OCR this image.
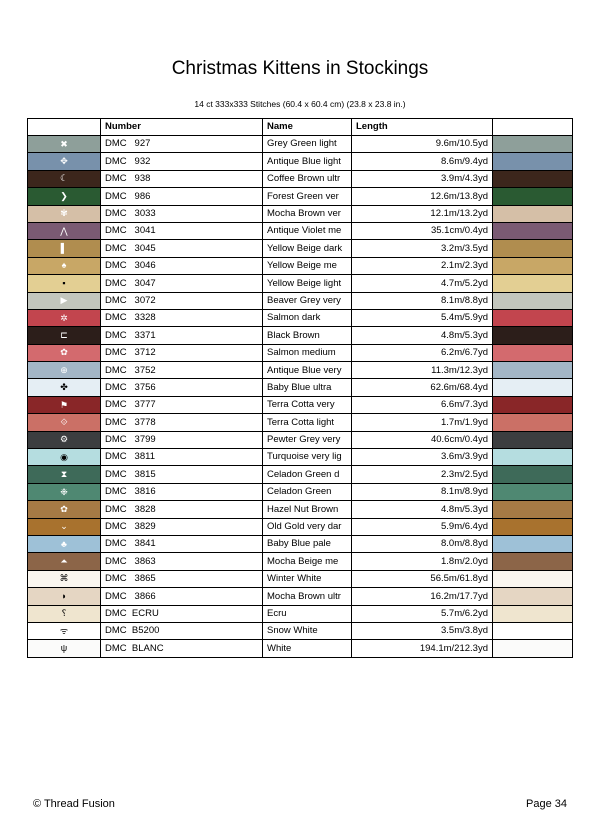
Christmas Kittens in Stockings
14 ct 333x333 Stitches (60.4 x 60.4 cm) (23.8 x 23.8 in.)
	Number	Name	Length	
✖	DMC   927	Grey Green light	9.6m/10.5yd	
✥	DMC   932	Antique Blue light	8.6m/9.4yd	
☾	DMC   938	Coffee Brown ultr	3.9m/4.3yd	
❯	DMC   986	Forest Green ver	12.6m/13.8yd	
✾	DMC   3033	Mocha Brown ver	12.1m/13.2yd	
⋀	DMC   3041	Antique Violet me	35.1cm/0.4yd	
▌	DMC   3045	Yellow Beige dark	3.2m/3.5yd	
♠	DMC   3046	Yellow Beige me	2.1m/2.3yd	
▪	DMC   3047	Yellow Beige light	4.7m/5.2yd	
▶	DMC   3072	Beaver Grey very	8.1m/8.8yd	
✲	DMC   3328	Salmon dark	5.4m/5.9yd	
⊏	DMC   3371	Black Brown	4.8m/5.3yd	
✿	DMC   3712	Salmon medium	6.2m/6.7yd	
⊕	DMC   3752	Antique Blue very	11.3m/12.3yd	
✤	DMC   3756	Baby Blue ultra	62.6m/68.4yd	
⚑	DMC   3777	Terra Cotta very	6.6m/7.3yd	
⟐	DMC   3778	Terra Cotta light	1.7m/1.9yd	
⚙	DMC   3799	Pewter Grey very	40.6cm/0.4yd	
◉	DMC   3811	Turquoise very lig	3.6m/3.9yd	
⧗	DMC   3815	Celadon Green d	2.3m/2.5yd	
❉	DMC   3816	Celadon Green	8.1m/8.9yd	
✿	DMC   3828	Hazel Nut Brown	4.8m/5.3yd	
⌄	DMC   3829	Old Gold very dar	5.9m/6.4yd	
♣	DMC   3841	Baby Blue pale	8.0m/8.8yd	
⏶	DMC   3863	Mocha Beige me	1.8m/2.0yd	
⌘	DMC   3865	Winter White	56.5m/61.8yd	
◗	DMC   3866	Mocha Brown ultr	16.2m/17.7yd	
⸮	DMC  ECRU	Ecru	5.7m/6.2yd	
ᯤ	DMC  B5200	Snow White	3.5m/3.8yd	
ψ	DMC  BLANC	White	194.1m/212.3yd	
© Thread Fusion	Page 34
